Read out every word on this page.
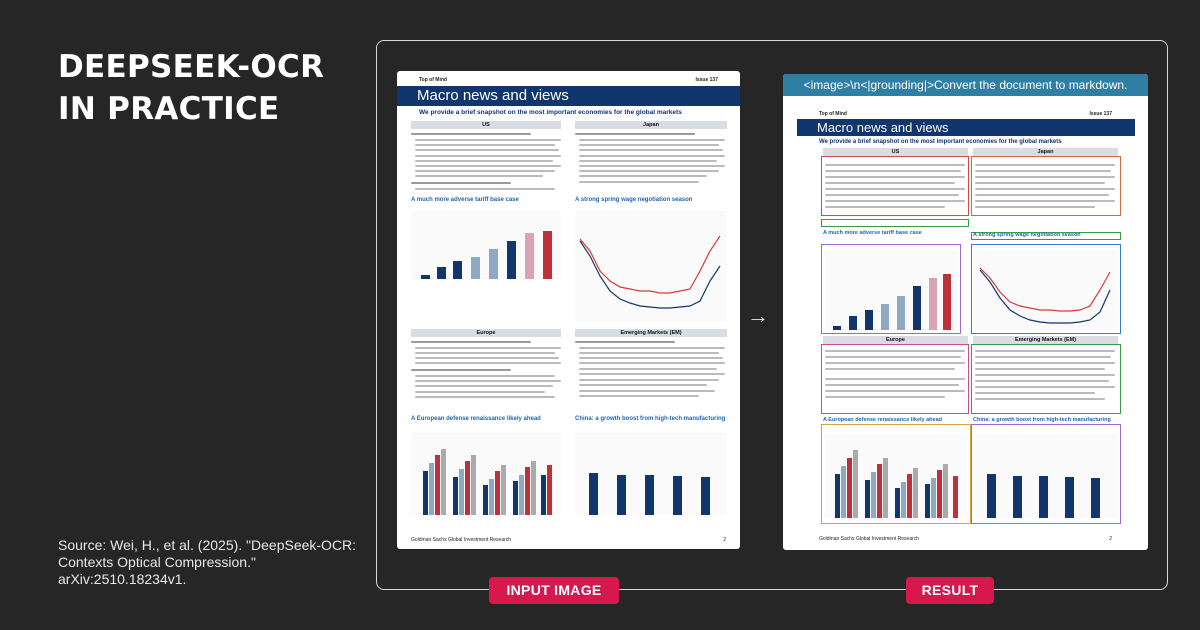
DEEPSEEK-OCR
IN PRACTICE
Source: Wei, H., et al. (2025). "DeepSeek-OCR: Contexts Optical Compression." arXiv:2510.18234v1.
Top of Mind	Issue 137
Macro news and views
We provide a brief snapshot on the most important economies for the global markets
US	Japan
A much more adverse tariff base case	A strong spring wage negotiation season
Europe	Emerging Markets (EM)
A European defense renaissance likely ahead	China: a growth boost from high-tech manufacturing
Goldman Sachs Global Investment Research	2
→
<image>\n<|grounding|>Convert the document to markdown.
Top of Mind	Issue 137
Macro news and views
We provide a brief snapshot on the most important economies for the global markets
US	Japan
A much more adverse tariff base case	A strong spring wage negotiation season
Europe	Emerging Markets (EM)
A European defense renaissance likely ahead	China: a growth boost from high-tech manufacturing
Goldman Sachs Global Investment Research	2
INPUT IMAGE	RESULT
